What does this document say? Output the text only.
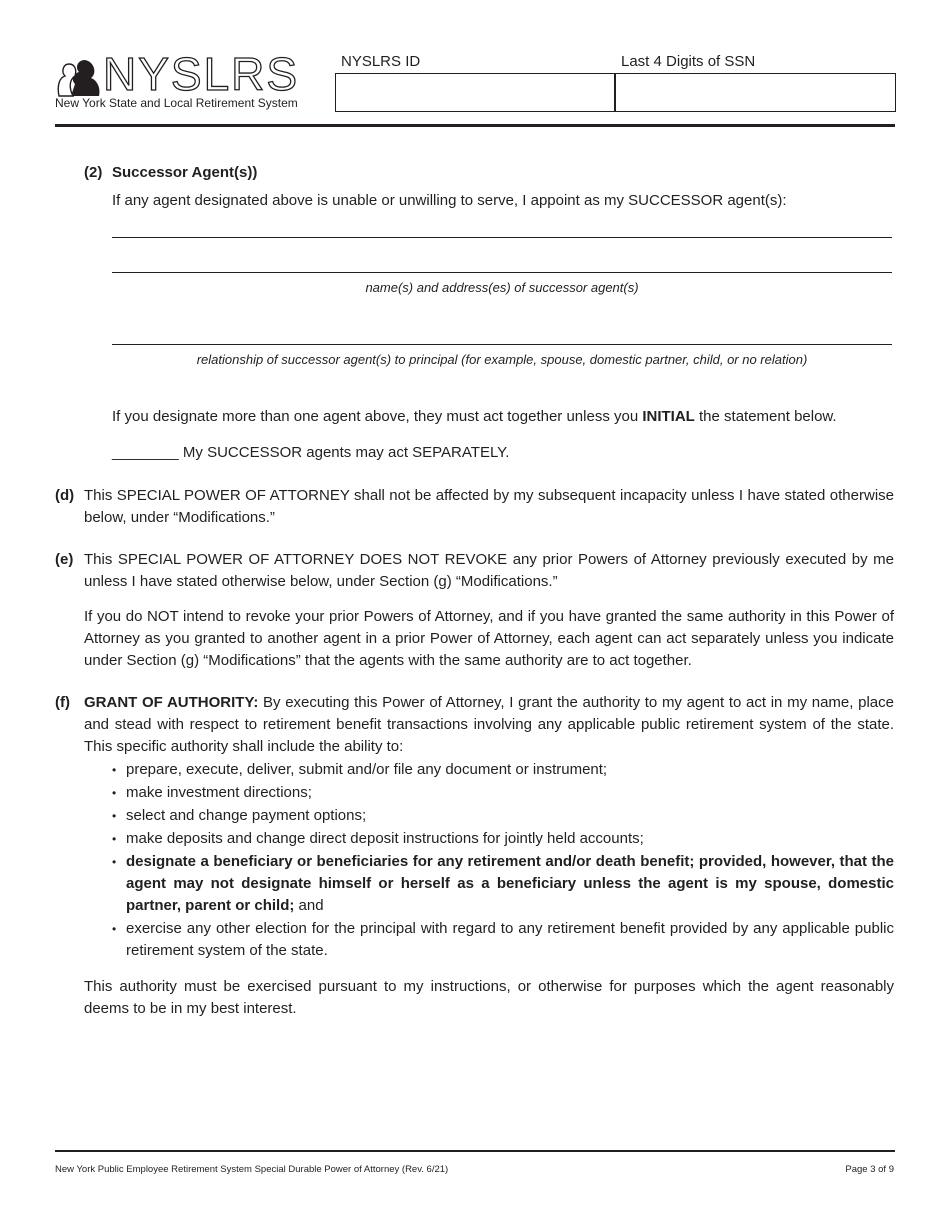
NYSLRS
New York State and Local Retirement System
NYSLRS ID	Last 4 Digits of SSN
(2) Successor Agent(s))
If any agent designated above is unable or unwilling to serve, I appoint as my SUCCESSOR agent(s):
name(s) and address(es) of successor agent(s)
relationship of successor agent(s) to principal (for example, spouse, domestic partner, child, or no relation)
If you designate more than one agent above, they must act together unless you INITIAL the statement below.
________ My SUCCESSOR agents may act SEPARATELY.
(d) This SPECIAL POWER OF ATTORNEY shall not be affected by my subsequent incapacity unless I have stated otherwise below, under “Modifications.”
(e) This SPECIAL POWER OF ATTORNEY DOES NOT REVOKE any prior Powers of Attorney previously executed by me unless I have stated otherwise below, under Section (g) “Modifications.”
If you do NOT intend to revoke your prior Powers of Attorney, and if you have granted the same authority in this Power of Attorney as you granted to another agent in a prior Power of Attorney, each agent can act separately unless you indicate under Section (g) “Modifications” that the agents with the same authority are to act together.
(f) GRANT OF AUTHORITY: By executing this Power of Attorney, I grant the authority to my agent to act in my name, place and stead with respect to retirement benefit transactions involving any applicable public retirement system of the state. This specific authority shall include the ability to:
• prepare, execute, deliver, submit and/or file any document or instrument;
• make investment directions;
• select and change payment options;
• make deposits and change direct deposit instructions for jointly held accounts;
• designate a beneficiary or beneficiaries for any retirement and/or death benefit; provided, however, that the agent may not designate himself or herself as a beneficiary unless the agent is my spouse, domestic partner, parent or child; and
• exercise any other election for the principal with regard to any retirement benefit provided by any applicable public retirement system of the state.
This authority must be exercised pursuant to my instructions, or otherwise for purposes which the agent reasonably deems to be in my best interest.
New York Public Employee Retirement System Special Durable Power of Attorney (Rev. 6/21)	Page 3 of 9
